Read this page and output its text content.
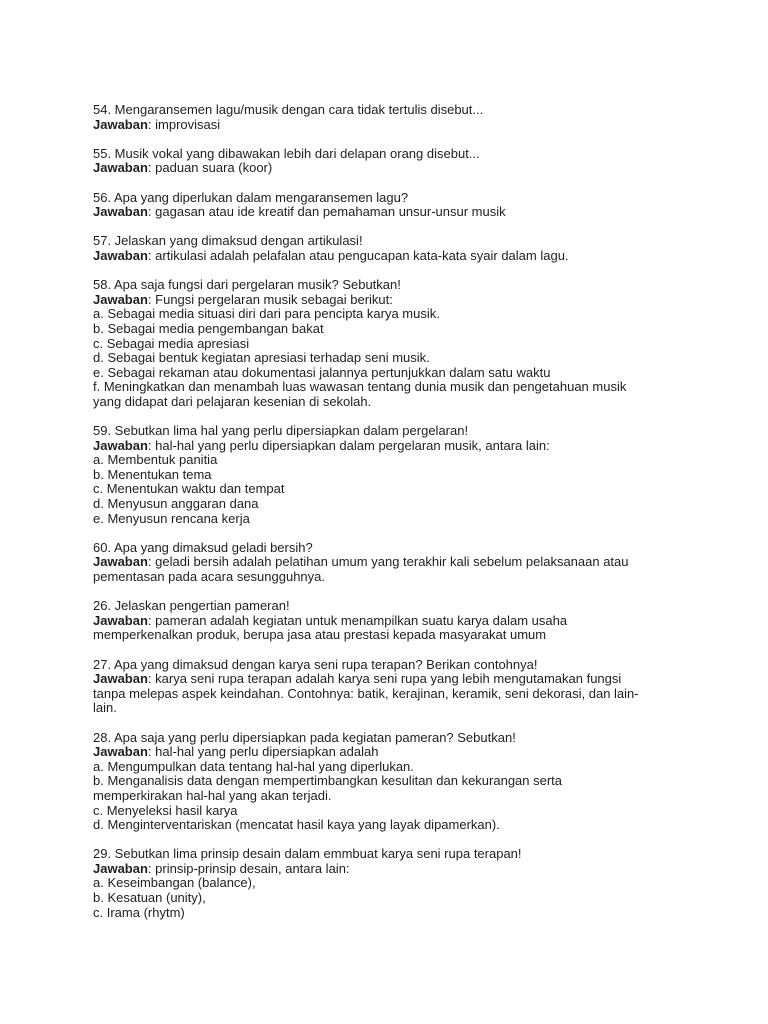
54. Mengaransemen lagu/musik dengan cara tidak tertulis disebut...
Jawaban: improvisasi
55. Musik vokal yang dibawakan lebih dari delapan orang disebut...
Jawaban: paduan suara (koor)
56. Apa yang diperlukan dalam mengaransemen lagu?
Jawaban: gagasan atau ide kreatif dan pemahaman unsur-unsur musik
57. Jelaskan yang dimaksud dengan artikulasi!
Jawaban: artikulasi adalah pelafalan atau pengucapan kata-kata syair dalam lagu.
58. Apa saja fungsi dari pergelaran musik? Sebutkan!
Jawaban: Fungsi pergelaran musik sebagai berikut:
a. Sebagai media situasi diri dari para pencipta karya musik.
b. Sebagai media pengembangan bakat
c. Sebagai media apresiasi
d. Sebagai bentuk kegiatan apresiasi terhadap seni musik.
e. Sebagai rekaman atau dokumentasi jalannya pertunjukkan dalam satu waktu
f. Meningkatkan dan menambah luas wawasan tentang dunia musik dan pengetahuan musik
yang didapat dari pelajaran kesenian di sekolah.
59. Sebutkan lima hal yang perlu dipersiapkan dalam pergelaran!
Jawaban: hal-hal yang perlu dipersiapkan dalam pergelaran musik, antara lain:
a. Membentuk panitia
b. Menentukan tema
c. Menentukan waktu dan tempat
d. Menyusun anggaran dana
e. Menyusun rencana kerja
60. Apa yang dimaksud geladi bersih?
Jawaban: geladi bersih adalah pelatihan umum yang terakhir kali sebelum pelaksanaan atau
pementasan pada acara sesungguhnya.
26. Jelaskan pengertian pameran!
Jawaban: pameran adalah kegiatan untuk menampilkan suatu karya dalam usaha
memperkenalkan produk, berupa jasa atau prestasi kepada masyarakat umum
27. Apa yang dimaksud dengan karya seni rupa terapan? Berikan contohnya!
Jawaban: karya seni rupa terapan adalah karya seni rupa yang lebih mengutamakan fungsi
tanpa melepas aspek keindahan. Contohnya: batik, kerajinan, keramik, seni dekorasi, dan lain-
lain.
28. Apa saja yang perlu dipersiapkan pada kegiatan pameran? Sebutkan!
Jawaban: hal-hal yang perlu dipersiapkan adalah
a. Mengumpulkan data tentang hal-hal yang diperlukan.
b. Menganalisis data dengan mempertimbangkan kesulitan dan kekurangan serta
memperkirakan hal-hal yang akan terjadi.
c. Menyeleksi hasil karya
d. Menginterventariskan (mencatat hasil kaya yang layak dipamerkan).
29. Sebutkan lima prinsip desain dalam emmbuat karya seni rupa terapan!
Jawaban: prinsip-prinsip desain, antara lain:
a. Keseimbangan (balance),
b. Kesatuan (unity),
c. Irama (rhytm)
